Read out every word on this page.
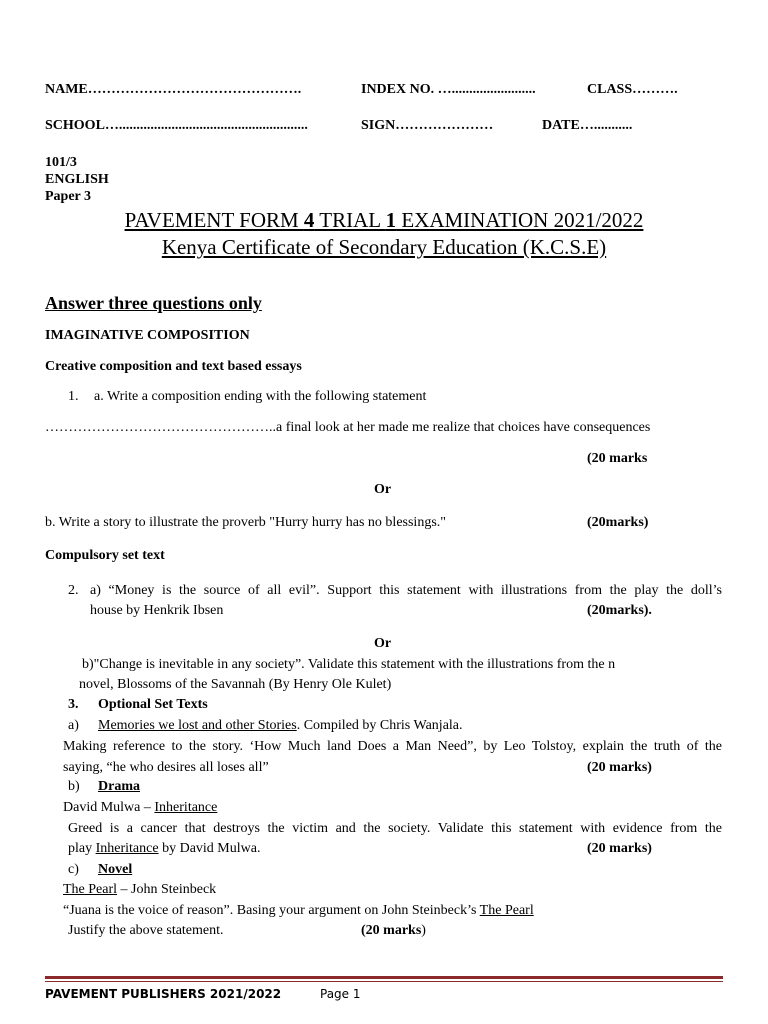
NAME……………………………………….	INDEX NO. …........................	CLASS……….
SCHOOL…......................................................	SIGN…………………	DATE…...........
101/3
ENGLISH
Paper 3
PAVEMENT FORM 4 TRIAL 1 EXAMINATION 2021/2022
Kenya Certificate of Secondary Education (K.C.S.E)
Answer three questions only
IMAGINATIVE COMPOSITION
Creative composition and text based essays
1. a. Write a composition ending with the following statement
…………………………………………..a final look at her made me realize that choices have consequences
(20 marks
Or
b. Write a story to illustrate the proverb "Hurry hurry has no blessings."	(20marks)
Compulsory set text
2. a) “Money is the source of all evil”. Support this statement with illustrations from the play the doll’s
house by Henkrik Ibsen	(20marks).
Or
b)"Change is inevitable in any society”. Validate this statement with the illustrations from the n
novel, Blossoms of the Savannah (By Henry Ole Kulet)
3. Optional Set Texts
a) Memories we lost and other Stories. Compiled by Chris Wanjala.
Making reference to the story. ‘How Much land Does a Man Need”, by Leo Tolstoy, explain the truth of the
saying, “he who desires all loses all”	(20 marks)
b) Drama
David Mulwa – Inheritance
Greed is a cancer that destroys the victim and the society. Validate this statement with evidence from the
play Inheritance by David Mulwa.	(20 marks)
c) Novel
The Pearl – John Steinbeck
“Juana is the voice of reason”. Basing your argument on John Steinbeck’s The Pearl
Justify the above statement.	(20 marks)
PAVEMENT PUBLISHERS 2021/2022	Page 1
